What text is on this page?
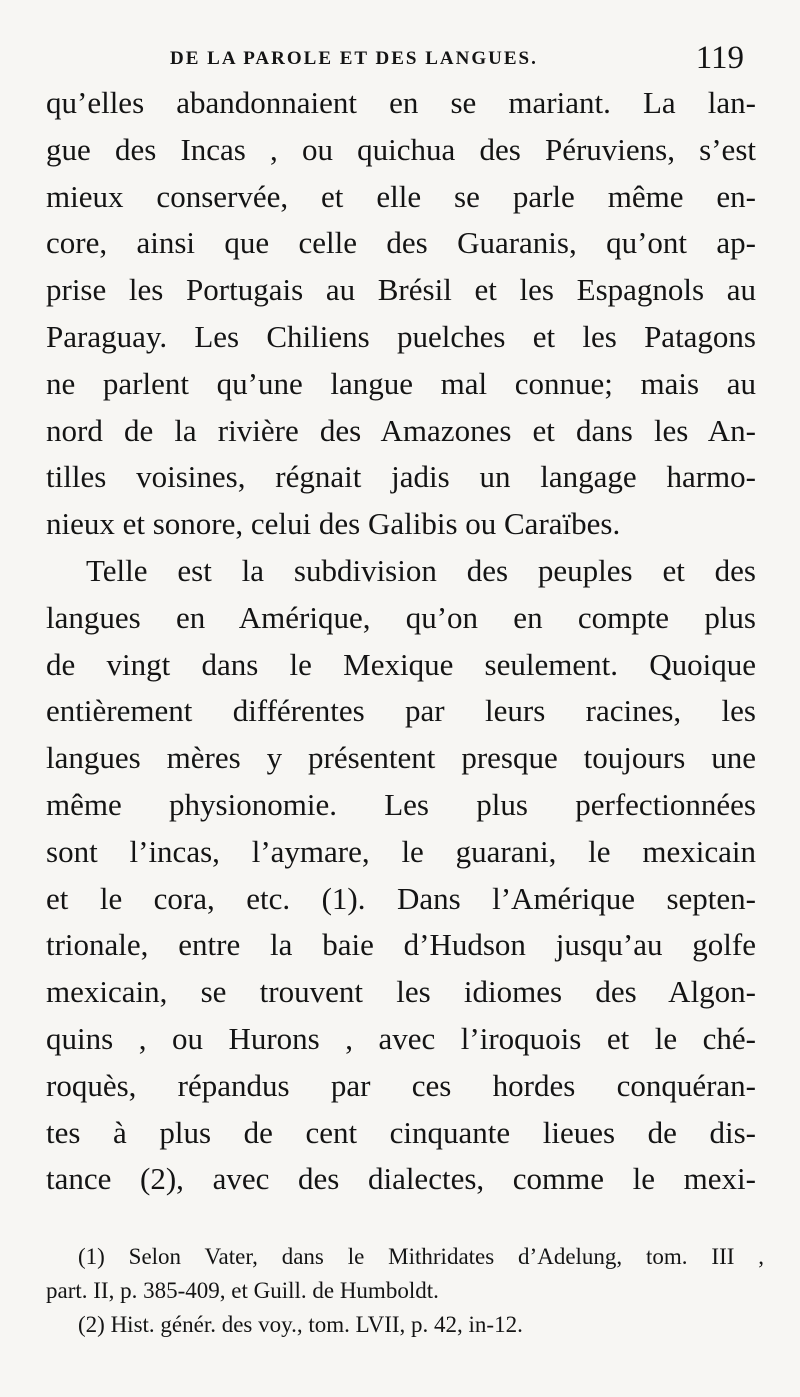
DE LA PAROLE ET DES LANGUES.	119
qu’elles abandonnaient en se mariant. La lan-
gue des Incas , ou quichua des Péruviens, s’est
mieux conservée, et elle se parle même en-
core, ainsi que celle des Guaranis, qu’ont ap-
prise les Portugais au Brésil et les Espagnols au
Paraguay. Les Chiliens puelches et les Patagons
ne parlent qu’une langue mal connue; mais au
nord de la rivière des Amazones et dans les An-
tilles voisines, régnait jadis un langage harmo-
nieux et sonore, celui des Galibis ou Caraïbes.
Telle est la subdivision des peuples et des
langues en Amérique, qu’on en compte plus
de vingt dans le Mexique seulement. Quoique
entièrement différentes par leurs racines, les
langues mères y présentent presque toujours une
même physionomie. Les plus perfectionnées
sont l’incas, l’aymare, le guarani, le mexicain
et le cora, etc. (1). Dans l’Amérique septen-
trionale, entre la baie d’Hudson jusqu’au golfe
mexicain, se trouvent les idiomes des Algon-
quins , ou Hurons , avec l’iroquois et le ché-
roquès, répandus par ces hordes conquéran-
tes à plus de cent cinquante lieues de dis-
tance (2), avec des dialectes, comme le mexi-
(1) Selon Vater, dans le Mithridates d’Adelung, tom. III ,
part. II, p. 385-409, et Guill. de Humboldt.
(2) Hist. génér. des voy., tom. LVII, p. 42, in-12.
